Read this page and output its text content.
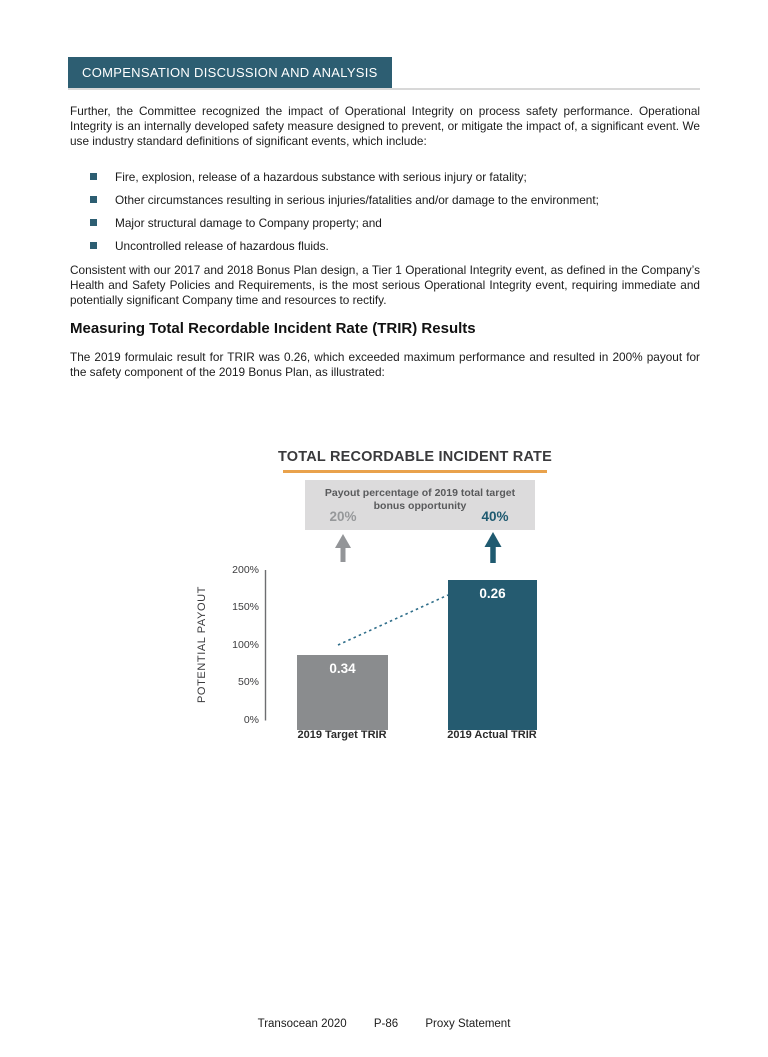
COMPENSATION DISCUSSION AND ANALYSIS

Further, the Committee recognized the impact of Operational Integrity on process safety performance. Operational Integrity is an internally developed safety measure designed to prevent, or mitigate the impact of, a significant event. We use industry standard definitions of significant events, which include:

Fire, explosion, release of a hazardous substance with serious injury or fatality;
Other circumstances resulting in serious injuries/fatalities and/or damage to the environment;
Major structural damage to Company property; and
Uncontrolled release of hazardous fluids.

Consistent with our 2017 and 2018 Bonus Plan design, a Tier 1 Operational Integrity event, as defined in the Company’s Health and Safety Policies and Requirements, is the most serious Operational Integrity event, requiring immediate and potentially significant Company time and resources to rectify.

Measuring Total Recordable Incident Rate (TRIR) Results

The 2019 formulaic result for TRIR was 0.26, which exceeded maximum performance and resulted in 200% payout for the safety component of the 2019 Bonus Plan, as illustrated:

TOTAL RECORDABLE INCIDENT RATE
Payout percentage of 2019 total target bonus opportunity
20%	40%
200%
150%
100%
50%
0%
POTENTIAL PAYOUT	0.34
0.26
2019 Target TRIR	2019 Actual TRIR
Transocean 2020 P-86 Proxy Statement
